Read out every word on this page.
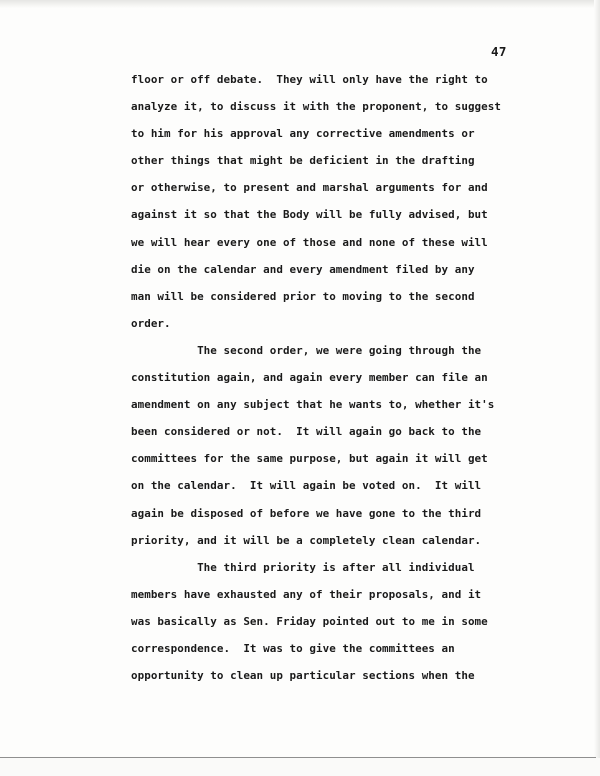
47
floor or off debate.  They will only have the right to
analyze it, to discuss it with the proponent, to suggest
to him for his approval any corrective amendments or
other things that might be deficient in the drafting
or otherwise, to present and marshal arguments for and
against it so that the Body will be fully advised, but
we will hear every one of those and none of these will
die on the calendar and every amendment filed by any
man will be considered prior to moving to the second
order.
The second order, we were going through the
constitution again, and again every member can file an
amendment on any subject that he wants to, whether it's
been considered or not.  It will again go back to the
committees for the same purpose, but again it will get
on the calendar.  It will again be voted on.  It will
again be disposed of before we have gone to the third
priority, and it will be a completely clean calendar.
The third priority is after all individual
members have exhausted any of their proposals, and it
was basically as Sen. Friday pointed out to me in some
correspondence.  It was to give the committees an
opportunity to clean up particular sections when the
